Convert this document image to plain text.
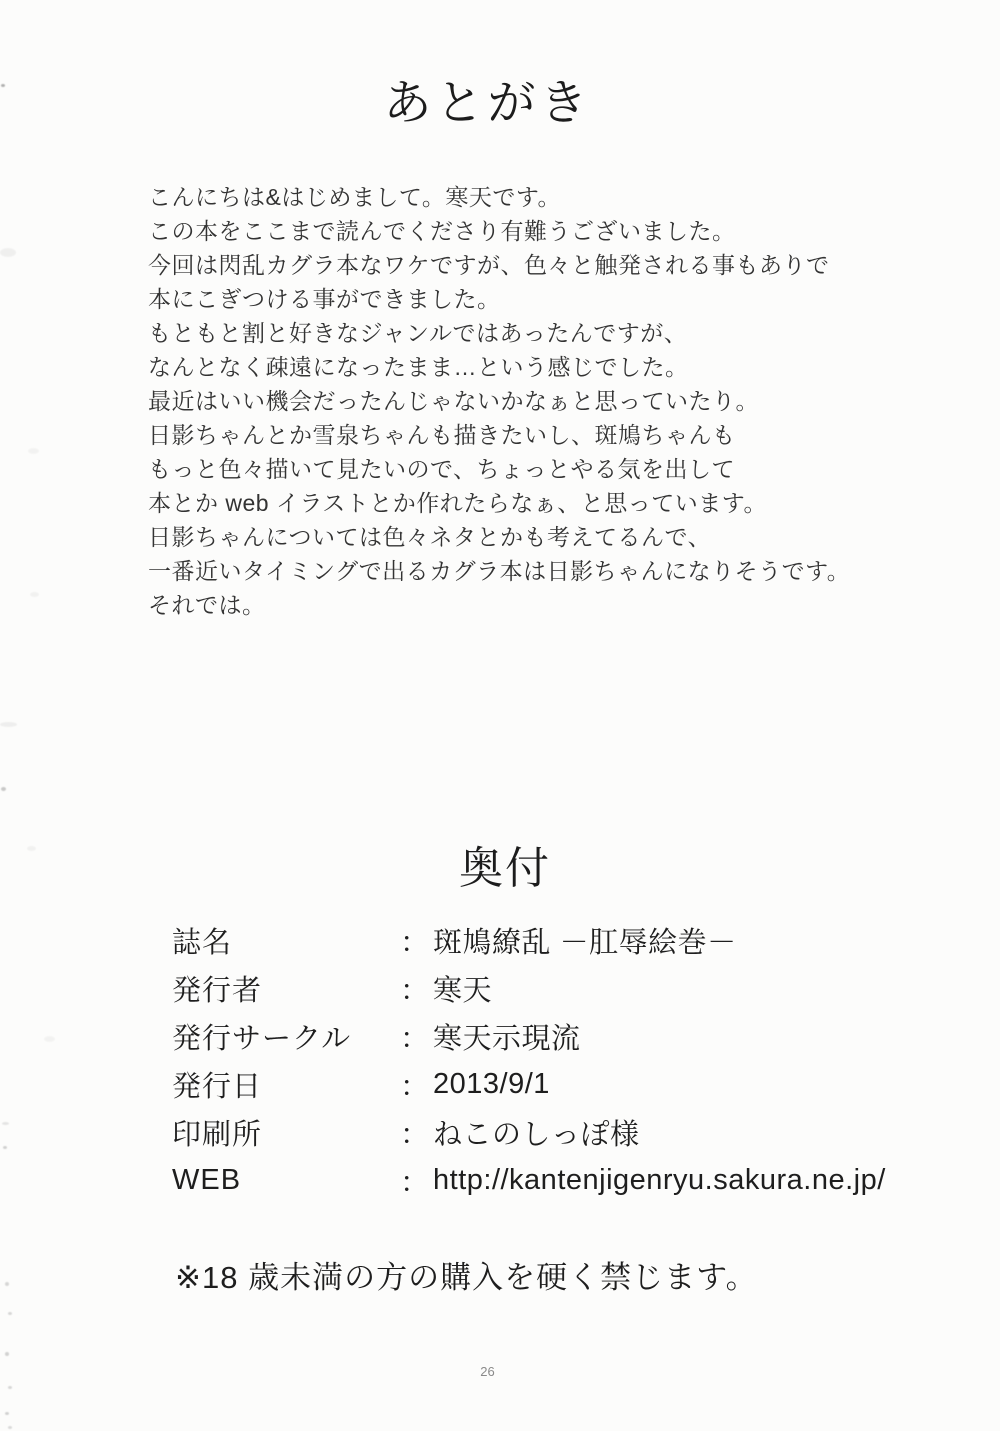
あとがき

こんにちは&はじめまして。寒天です。

この本をここまで読んでくださり有難うございました。

今回は閃乱カグラ本なワケですが、色々と触発される事もありで

本にこぎつける事ができました。

もともと割と好きなジャンルではあったんですが、

なんとなく疎遠になったまま…という感じでした。

最近はいい機会だったんじゃないかなぁと思っていたり。

日影ちゃんとか雪泉ちゃんも描きたいし、斑鳩ちゃんも

もっと色々描いて見たいので、ちょっとやる気を出して

本とか web イラストとか作れたらなぁ、と思っています。

日影ちゃんについては色々ネタとかも考えてるんで、

一番近いタイミングで出るカグラ本は日影ちゃんになりそうです。

それでは。

奥付
誌名	： 斑鳩繚乱 －肛辱絵巻－
発行者	： 寒天
発行サークル	： 寒天示現流
発行日	： 2013/9/1
印刷所	： ねこのしっぽ様
WEB	： http://kantenjigenryu.sakura.ne.jp/

※18 歳未満の方の購入を硬く禁じます。

26
